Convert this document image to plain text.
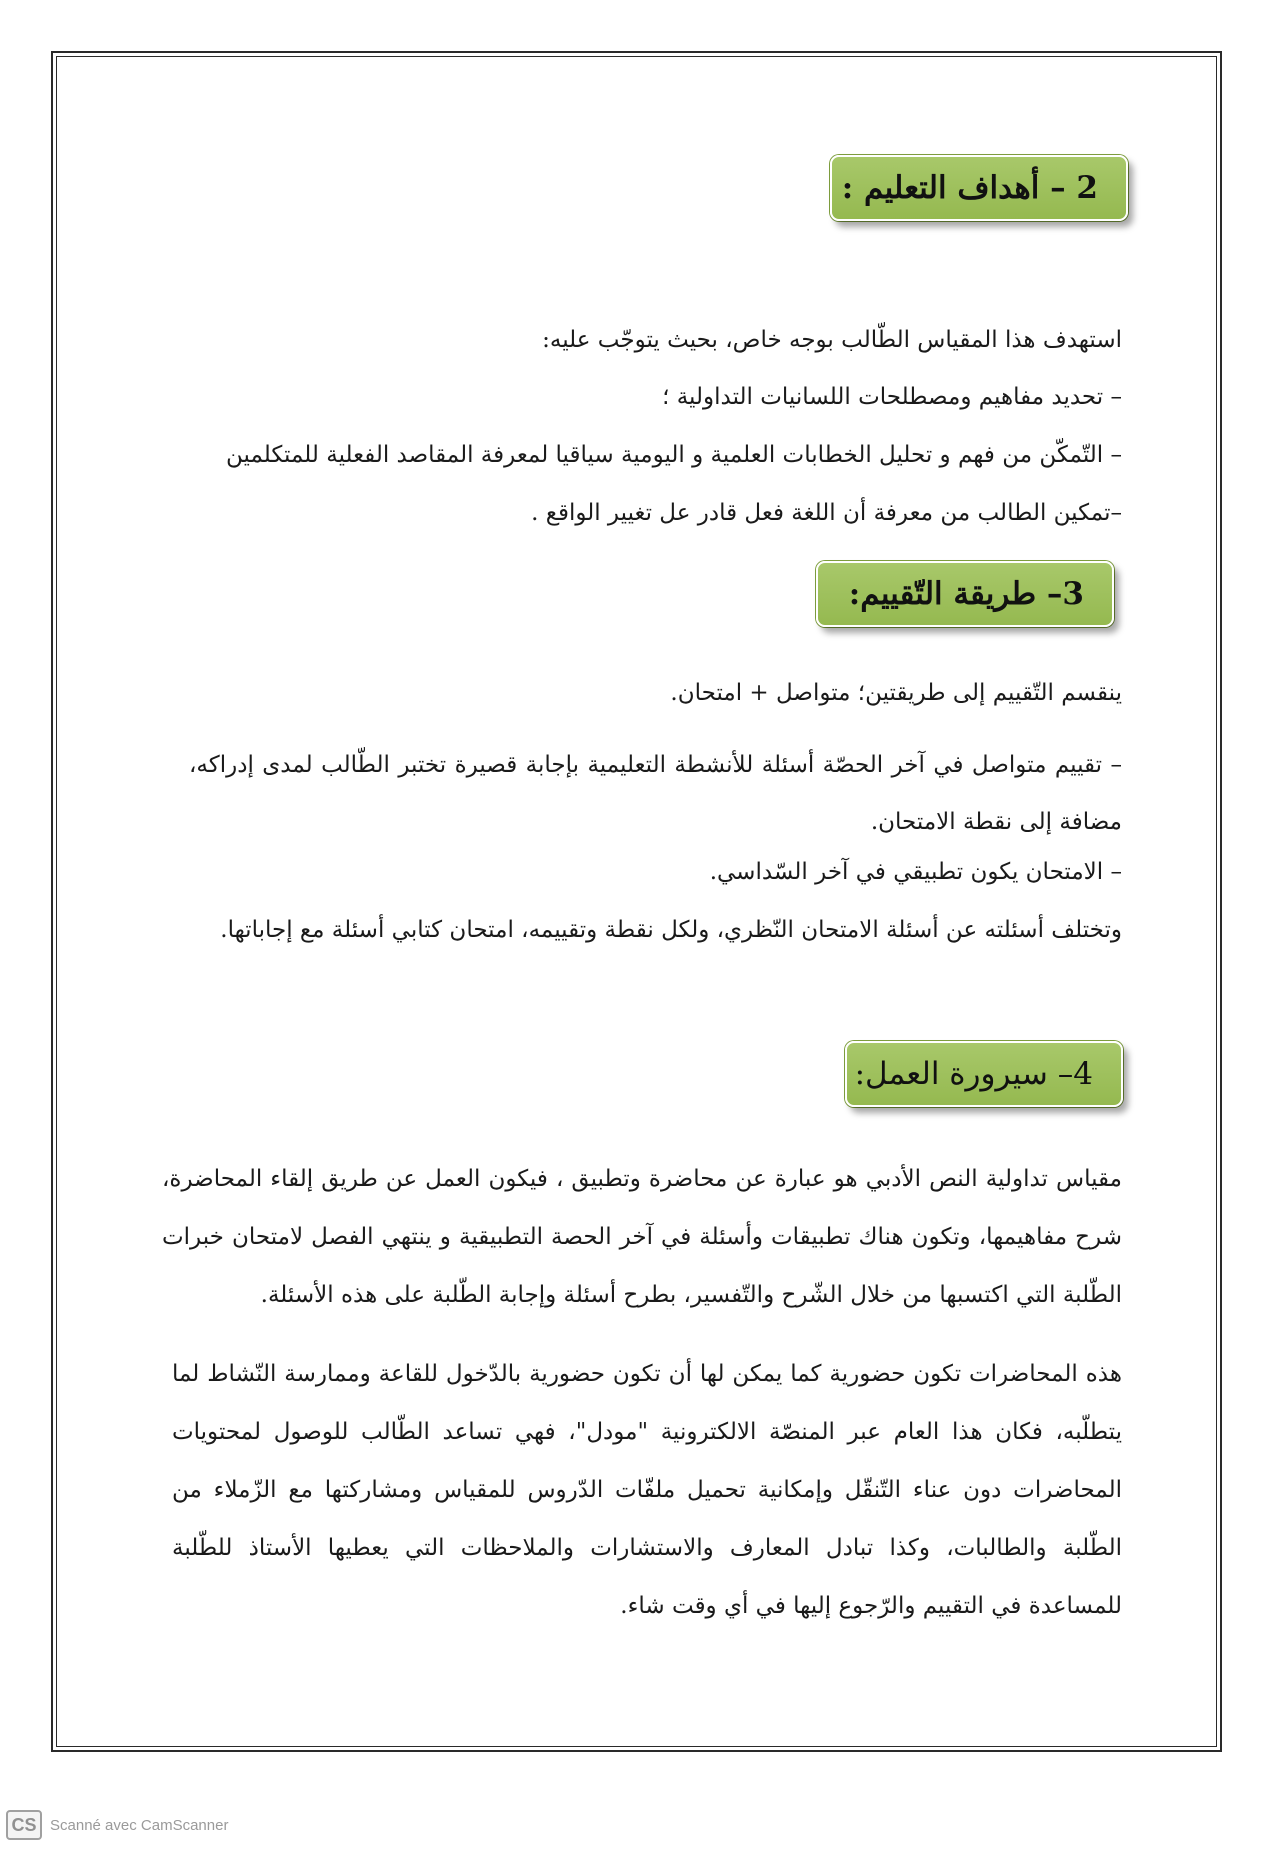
2 – أهداف التعليم :
استهدف هذا المقياس الطّالب بوجه خاص، بحيث يتوجّب عليه:
– تحديد مفاهيم ومصطلحات اللسانيات التداولية ؛
– التّمكّن من فهم و تحليل الخطابات العلمية و اليومية سياقيا لمعرفة المقاصد الفعلية للمتكلمين
–تمكين الطالب من معرفة أن اللغة فعل قادر عل تغيير الواقع .
3– طريقة التّقييم:
ينقسم التّقييم إلى طريقتين؛ متواصل + امتحان.
– تقييم متواصل في آخر الحصّة أسئلة للأنشطة التعليمية بإجابة قصيرة تختبر الطّالب لمدى إدراكه، مضافة إلى نقطة الامتحان.
– الامتحان يكون تطبيقي في آخر السّداسي.
وتختلف أسئلته عن أسئلة الامتحان النّظري، ولكل نقطة وتقييمه، امتحان كتابي أسئلة مع إجاباتها.
4– سيرورة العمل:
مقياس تداولية النص الأدبي هو عبارة عن محاضرة وتطبيق ، فيكون العمل عن طريق إلقاء المحاضرة، شرح مفاهيمها، وتكون هناك تطبيقات وأسئلة في آخر الحصة التطبيقية و ينتهي الفصل لامتحان خبرات الطّلبة التي اكتسبها من خلال الشّرح والتّفسير، بطرح أسئلة وإجابة الطّلبة على هذه الأسئلة.
هذه المحاضرات تكون حضورية كما يمكن لها أن تكون حضورية بالدّخول للقاعة وممارسة النّشاط لما يتطلّبه، فكان هذا العام عبر المنصّة الالكترونية "مودل"، فهي تساعد الطّالب للوصول لمحتويات المحاضرات دون عناء التّنقّل وإمكانية تحميل ملفّات الدّروس للمقياس ومشاركتها مع الزّملاء من الطّلبة والطالبات، وكذا تبادل المعارف والاستشارات والملاحظات التي يعطيها الأستاذ للطّلبة للمساعدة في التقييم والرّجوع إليها في أي وقت شاء.
CS Scanné avec CamScanner
